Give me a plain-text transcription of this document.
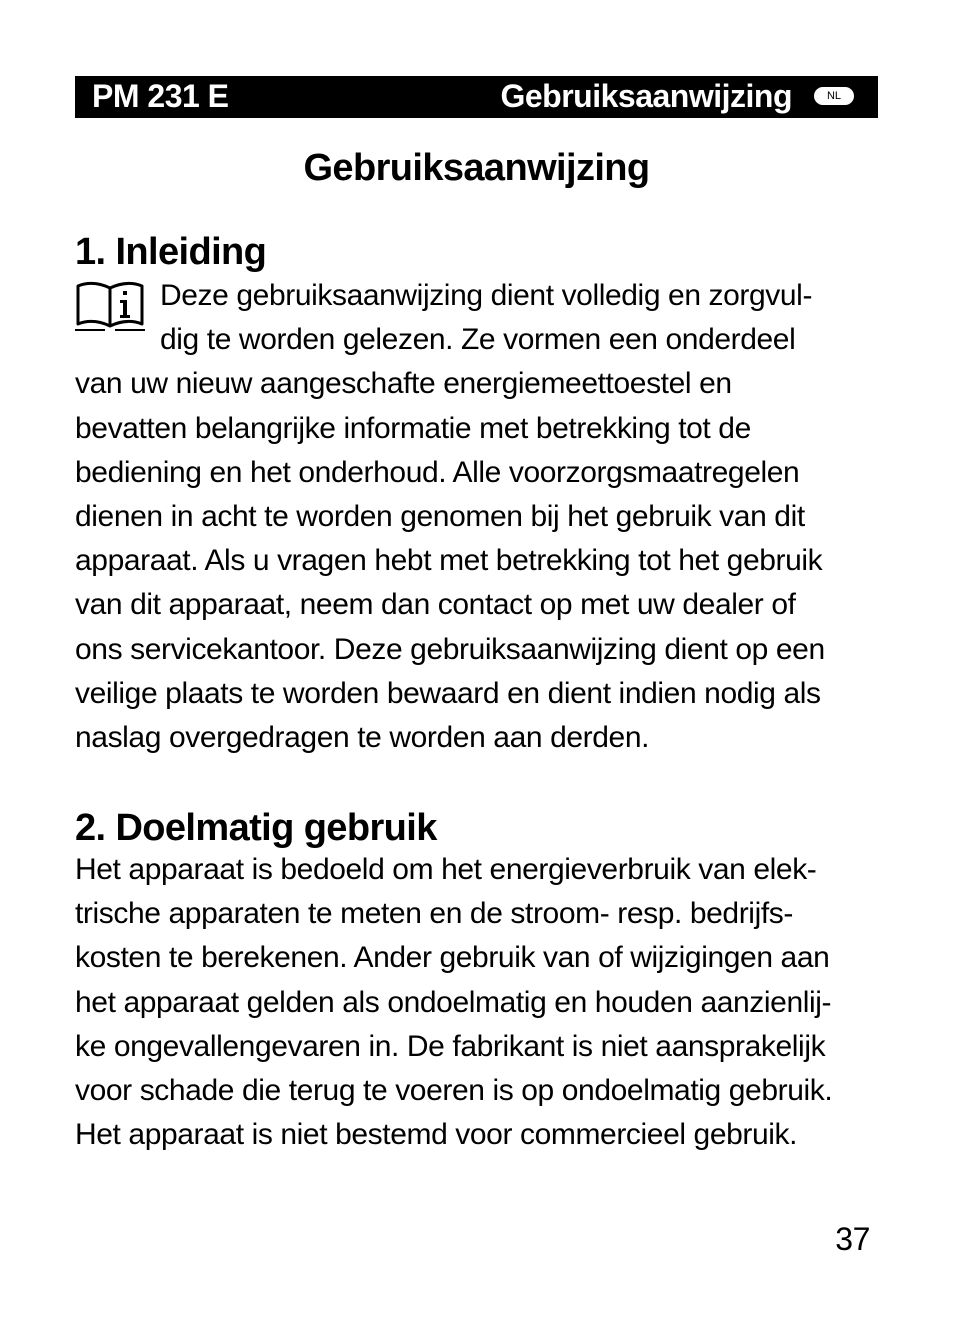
PM 231 E	Gebruiksaanwijzing	NL
Gebruiksaanwijzing
1. Inleiding

Deze gebruiksaanwijzing dient volledig en zorgvul-

dig te worden gelezen. Ze vormen een onderdeel

van uw nieuw aangeschafte energiemeettoestel en

bevatten belangrijke informatie met betrekking tot de

bediening en het onderhoud. Alle voorzorgsmaatregelen

dienen in acht te worden genomen bij het gebruik van dit

apparaat. Als u vragen hebt met betrekking tot het gebruik

van dit apparaat, neem dan contact op met uw dealer of

ons servicekantoor. Deze gebruiksaanwijzing dient op een

veilige plaats te worden bewaard en dient indien nodig als

naslag overgedragen te worden aan derden.

2. Doelmatig gebruik

Het apparaat is bedoeld om het energieverbruik van elek-

trische apparaten te meten en de stroom- resp. bedrijfs-

kosten te berekenen. Ander gebruik van of wijzigingen aan

het apparaat gelden als ondoelmatig en houden aanzienlij-

ke ongevallengevaren in. De fabrikant is niet aansprakelijk

voor schade die terug te voeren is op ondoelmatig gebruik.

Het apparaat is niet bestemd voor commercieel gebruik.

37
